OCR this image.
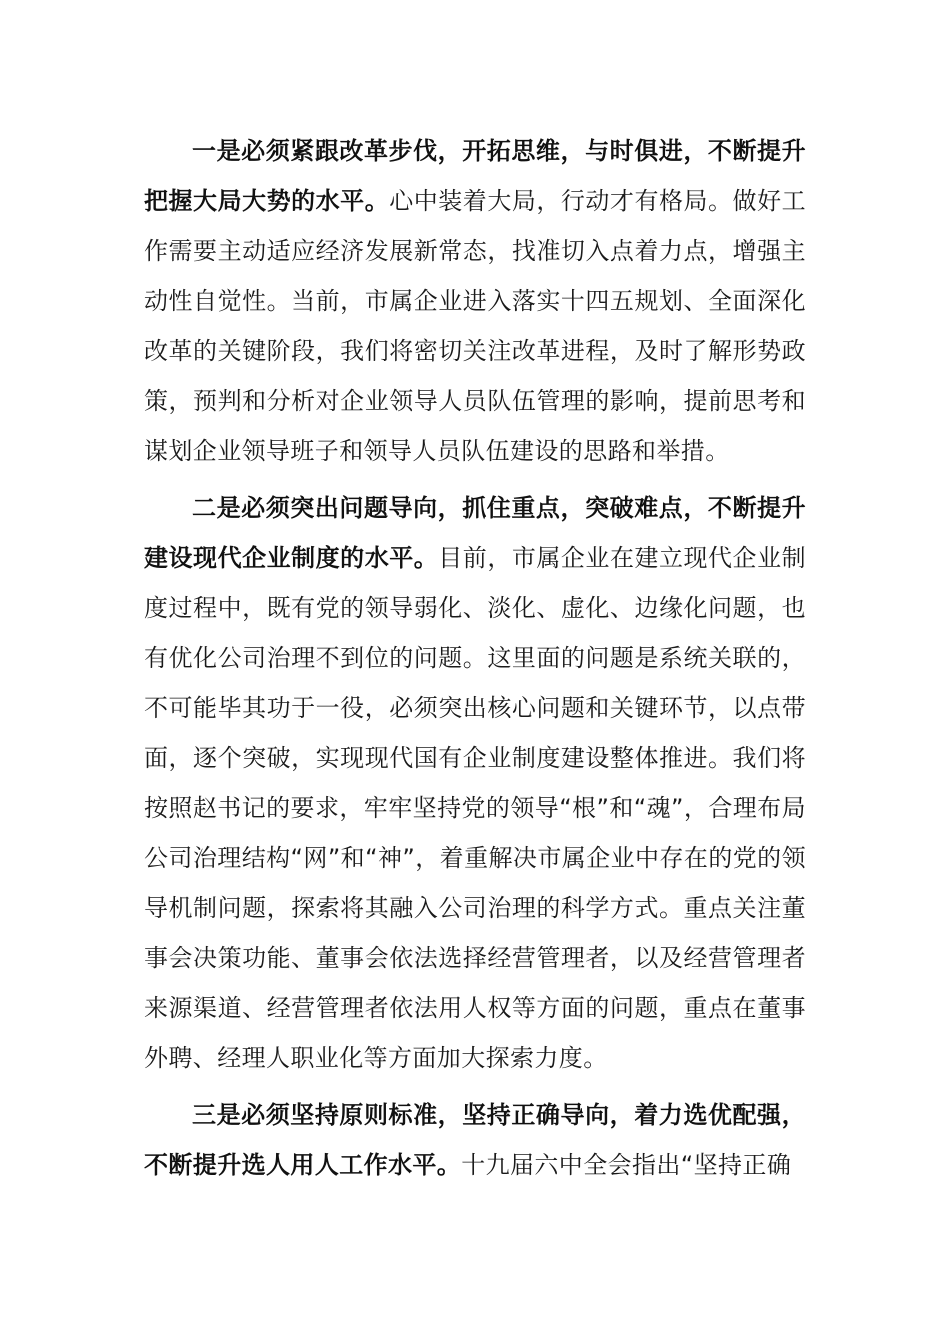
一是必须紧跟改革步伐，开拓思维，与时俱进，不断提升把握大局大势的水平。心中装着大局，行动才有格局。做好工作需要主动适应经济发展新常态，找准切入点着力点，增强主动性自觉性。当前，市属企业进入落实十四五规划、全面深化改革的关键阶段，我们将密切关注改革进程，及时了解形势政策，预判和分析对企业领导人员队伍管理的影响，提前思考和谋划企业领导班子和领导人员队伍建设的思路和举措。

二是必须突出问题导向，抓住重点，突破难点，不断提升建设现代企业制度的水平。目前，市属企业在建立现代企业制度过程中，既有党的领导弱化、淡化、虚化、边缘化问题，也有优化公司治理不到位的问题。这里面的问题是系统关联的，不可能毕其功于一役，必须突出核心问题和关键环节，以点带面，逐个突破，实现现代国有企业制度建设整体推进。我们将按照赵书记的要求，牢牢坚持党的领导“根”和“魂”，合理布局公司治理结构“网”和“神”，着重解决市属企业中存在的党的领导机制问题，探索将其融入公司治理的科学方式。重点关注董事会决策功能、董事会依法选择经营管理者，以及经营管理者来源渠道、经营管理者依法用人权等方面的问题，重点在董事外聘、经理人职业化等方面加大探索力度。

三是必须坚持原则标准，坚持正确导向，着力选优配强，不断提升选人用人工作水平。十九届六中全会指出“坚持正确
